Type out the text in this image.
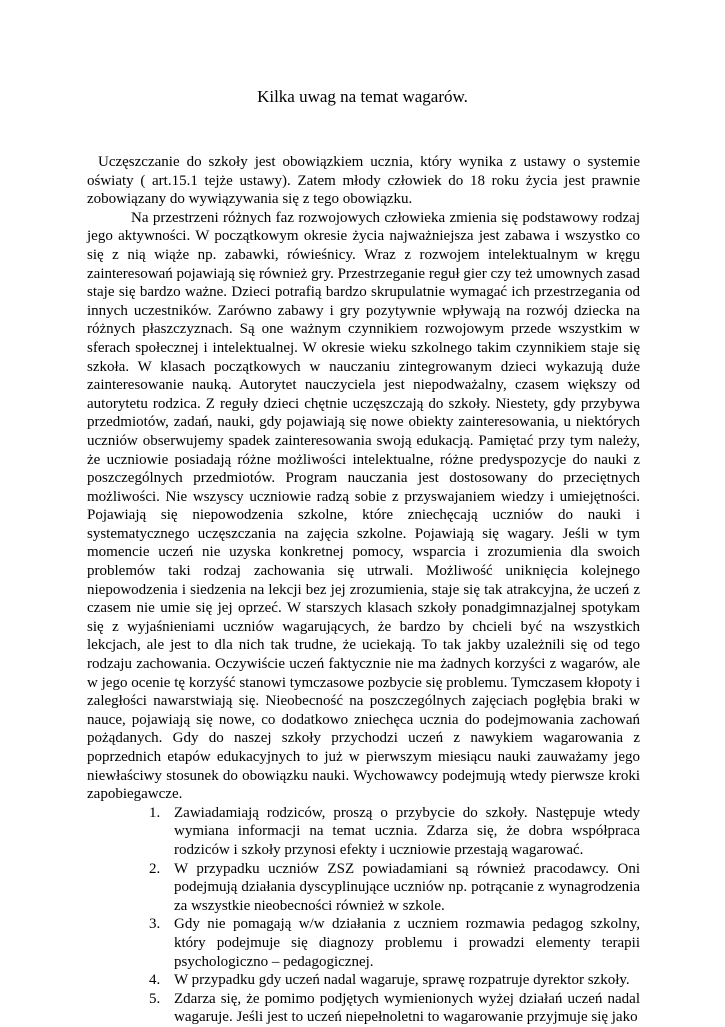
Kilka uwag na temat wagarów.

Uczęszczanie do szkoły jest obowiązkiem ucznia, który wynika z ustawy o systemie oświaty ( art.15.1 tejże ustawy). Zatem młody człowiek do 18 roku życia jest prawnie zobowiązany do wywiązywania się z tego obowiązku.

Na przestrzeni różnych faz rozwojowych człowieka zmienia się podstawowy rodzaj jego aktywności. W początkowym okresie życia najważniejsza jest zabawa i wszystko co się z nią wiąże np. zabawki, rówieśnicy. Wraz z rozwojem intelektualnym w kręgu zainteresowań pojawiają się również gry. Przestrzeganie reguł gier czy też umownych zasad staje się bardzo ważne. Dzieci potrafią bardzo skrupulatnie wymagać ich przestrzegania od innych uczestników. Zarówno zabawy i gry pozytywnie wpływają na rozwój dziecka na różnych płaszczyznach. Są one ważnym czynnikiem rozwojowym przede wszystkim w sferach społecznej i intelektualnej. W okresie wieku szkolnego takim czynnikiem staje się szkoła. W klasach początkowych w nauczaniu zintegrowanym dzieci wykazują duże zainteresowanie nauką. Autorytet nauczyciela jest niepodważalny, czasem większy od autorytetu rodzica. Z reguły dzieci chętnie uczęszczają do szkoły. Niestety, gdy przybywa przedmiotów, zadań, nauki, gdy pojawiają się nowe obiekty zainteresowania, u niektórych uczniów obserwujemy spadek zainteresowania swoją edukacją. Pamiętać przy tym należy, że uczniowie posiadają różne możliwości intelektualne, różne predyspozycje do nauki z poszczególnych przedmiotów. Program nauczania jest dostosowany do przeciętnych możliwości. Nie wszyscy uczniowie radzą sobie z przyswajaniem wiedzy i umiejętności. Pojawiają się niepowodzenia szkolne, które zniechęcają uczniów do nauki i systematycznego uczęszczania na zajęcia szkolne. Pojawiają się wagary. Jeśli w tym momencie uczeń nie uzyska konkretnej pomocy, wsparcia i zrozumienia dla swoich problemów taki rodzaj zachowania się utrwali. Możliwość uniknięcia kolejnego niepowodzenia i siedzenia na lekcji bez jej zrozumienia, staje się tak atrakcyjna, że uczeń z czasem nie umie się jej oprzeć. W starszych klasach szkoły ponadgimnazjalnej spotykam się z wyjaśnieniami uczniów wagarujących, że bardzo by chcieli być na wszystkich lekcjach, ale jest to dla nich tak trudne, że uciekają. To tak jakby uzależnili się od tego rodzaju zachowania. Oczywiście uczeń faktycznie nie ma żadnych korzyści z wagarów, ale w jego ocenie tę korzyść stanowi tymczasowe pozbycie się problemu. Tymczasem kłopoty i zaległości nawarstwiają się. Nieobecność na poszczególnych zajęciach pogłębia braki w nauce, pojawiają się nowe, co dodatkowo zniechęca ucznia do podejmowania zachowań pożądanych. Gdy do naszej szkoły przychodzi uczeń z nawykiem wagarowania z poprzednich etapów edukacyjnych to już w pierwszym miesiącu nauki zauważamy jego niewłaściwy stosunek do obowiązku nauki. Wychowawcy podejmują wtedy pierwsze kroki zapobiegawcze.

1. Zawiadamiają rodziców, proszą o przybycie do szkoły. Następuje wtedy wymiana informacji na temat ucznia. Zdarza się, że dobra współpraca rodziców i szkoły przynosi efekty i uczniowie przestają wagarować.
2. W przypadku uczniów ZSZ powiadamiani są również pracodawcy. Oni podejmują działania dyscyplinujące uczniów np. potrącanie z wynagrodzenia za wszystkie nieobecności również w szkole.
3. Gdy nie pomagają w/w działania z uczniem rozmawia pedagog szkolny, który podejmuje się diagnozy problemu i prowadzi elementy terapii psychologiczno – pedagogicznej.
4. W przypadku gdy uczeń nadal wagaruje, sprawę rozpatruje dyrektor szkoły.
5. Zdarza się, że pomimo podjętych wymienionych wyżej działań uczeń nadal wagaruje. Jeśli jest to uczeń niepełnoletni to wagarowanie przyjmuje się jako
